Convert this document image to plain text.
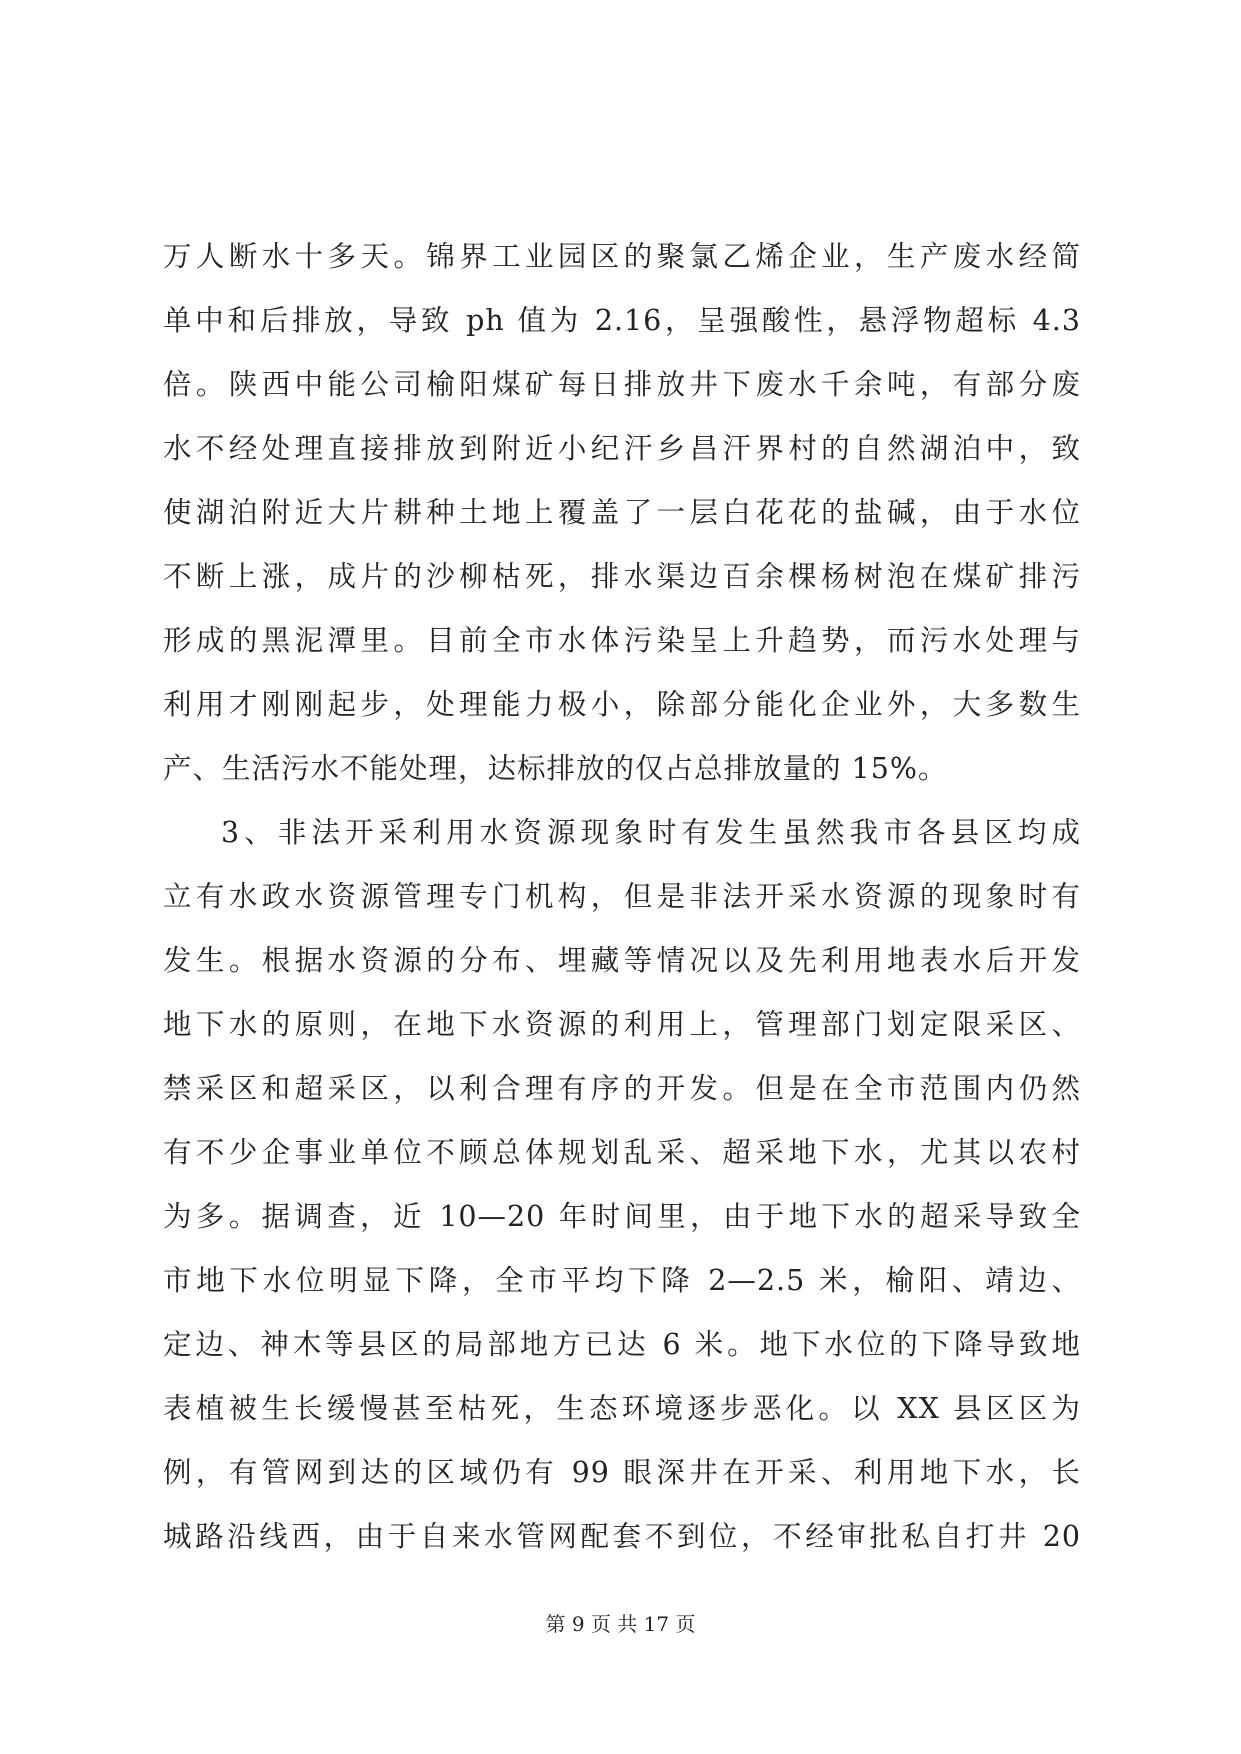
万人断水十多天。锦界工业园区的聚氯乙烯企业，生产废水经简
单中和后排放，导致 ph 值为 2.16，呈强酸性，悬浮物超标 4.3
倍。陕西中能公司榆阳煤矿每日排放井下废水千余吨，有部分废
水不经处理直接排放到附近小纪汗乡昌汗界村的自然湖泊中，致
使湖泊附近大片耕种土地上覆盖了一层白花花的盐碱，由于水位
不断上涨，成片的沙柳枯死，排水渠边百余棵杨树泡在煤矿排污
形成的黑泥潭里。目前全市水体污染呈上升趋势，而污水处理与
利用才刚刚起步，处理能力极小，除部分能化企业外，大多数生
产、生活污水不能处理，达标排放的仅占总排放量的 15%。
3、非法开采利用水资源现象时有发生虽然我市各县区均成
立有水政水资源管理专门机构，但是非法开采水资源的现象时有
发生。根据水资源的分布、埋藏等情况以及先利用地表水后开发
地下水的原则，在地下水资源的利用上，管理部门划定限采区、
禁采区和超采区，以利合理有序的开发。但是在全市范围内仍然
有不少企事业单位不顾总体规划乱采、超采地下水，尤其以农村
为多。据调查，近 10—20 年时间里，由于地下水的超采导致全
市地下水位明显下降，全市平均下降 2—2.5 米，榆阳、靖边、
定边、神木等县区的局部地方已达 6 米。地下水位的下降导致地
表植被生长缓慢甚至枯死，生态环境逐步恶化。以 XX 县区区为
例，有管网到达的区域仍有 99 眼深井在开采、利用地下水，长
城路沿线西，由于自来水管网配套不到位，不经审批私自打井 20
第 9 页 共 17 页
